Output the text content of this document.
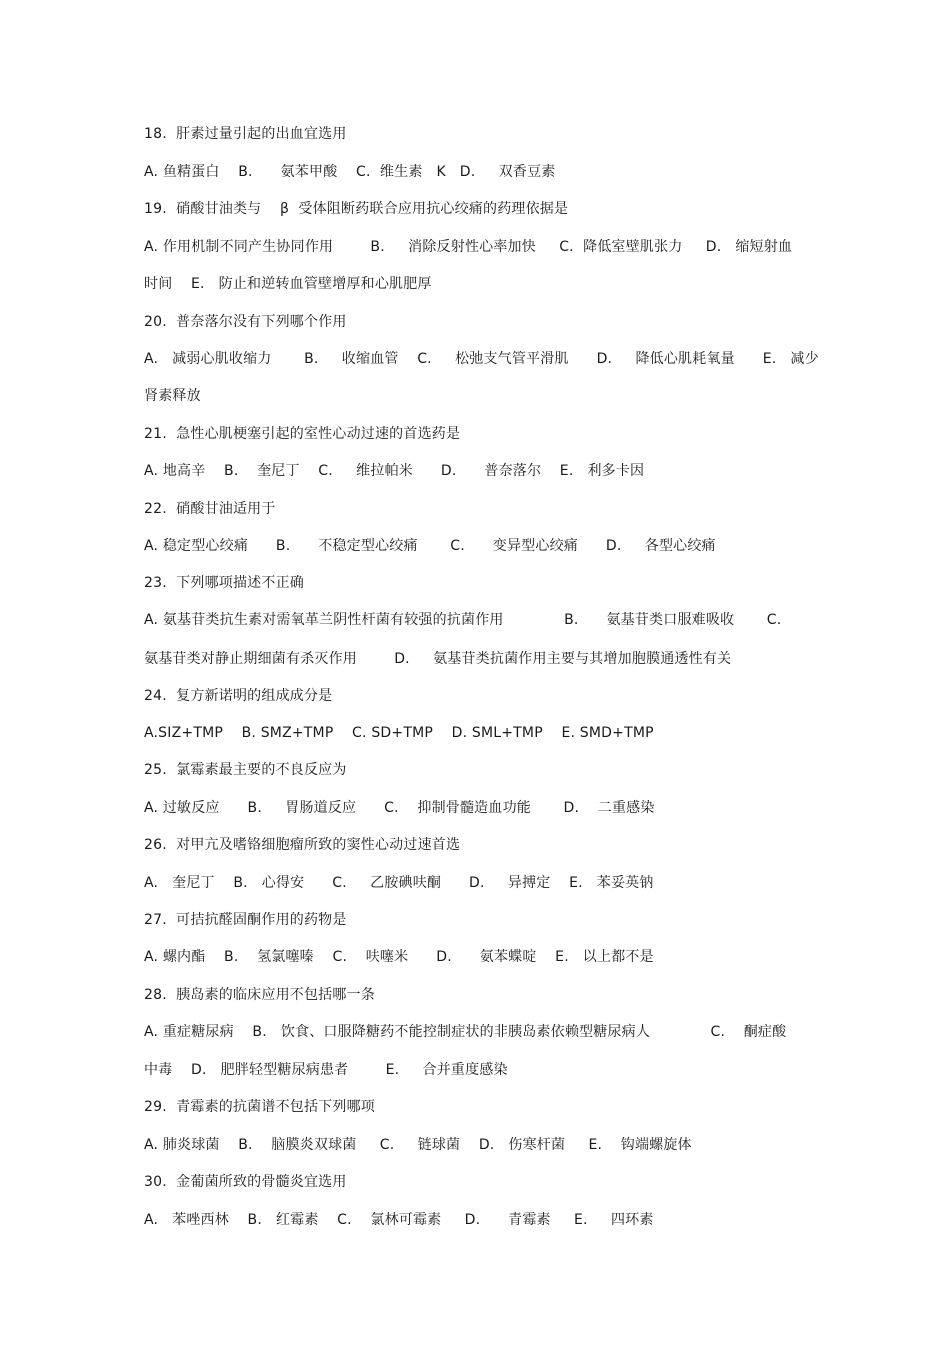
18.  肝素过量引起的出血宜选用
A. 鱼精蛋白    B.      氨苯甲酸    C.  维生素   K   D.     双香豆素
19.  硝酸甘油类与    β  受体阻断药联合应用抗心绞痛的药理依据是
A. 作用机制不同产生协同作用        B.     消除反射性心率加快     C.  降低室壁肌张力     D.   缩短射血
时间    E.   防止和逆转血管壁增厚和心肌肥厚
20.  普奈落尔没有下列哪个作用
A.   减弱心肌收缩力       B.     收缩血管    C.     松弛支气管平滑肌      D.     降低心肌耗氧量      E.   减少
肾素释放
21.  急性心肌梗塞引起的室性心动过速的首选药是
A. 地高辛    B.    奎尼丁    C.     维拉帕米      D.      普奈落尔    E.   利多卡因
22.  硝酸甘油适用于
A. 稳定型心绞痛      B.      不稳定型心绞痛       C.      变异型心绞痛      D.     各型心绞痛
23.  下列哪项描述不正确
A. 氨基苷类抗生素对需氧革兰阴性杆菌有较强的抗菌作用             B.      氨基苷类口服难吸收       C.
氨基苷类对静止期细菌有杀灭作用        D.     氨基苷类抗菌作用主要与其增加胞膜通透性有关
24.  复方新诺明的组成成分是
A.SIZ+TMP    B. SMZ+TMP    C. SD+TMP    D. SML+TMP    E. SMD+TMP
25.  氯霉素最主要的不良反应为
A. 过敏反应      B.     胃肠道反应      C.    抑制骨髓造血功能       D.    二重感染
26.  对甲亢及嗜铬细胞瘤所致的窦性心动过速首选
A.   奎尼丁    B.   心得安      C.     乙胺碘呋酮      D.     异搏定    E.   苯妥英钠
27.  可拮抗醛固酮作用的药物是
A. 螺内酯    B.    氢氯噻嗪    C.    呋噻米      D.      氨苯蝶啶    E.   以上都不是
28.  胰岛素的临床应用不包括哪一条
A. 重症糖尿病    B.   饮食、口服降糖药不能控制症状的非胰岛素依赖型糖尿病人             C.    酮症酸
中毒    D.   肥胖轻型糖尿病患者        E.     合并重度感染
29.  青霉素的抗菌谱不包括下列哪项
A. 肺炎球菌    B.    脑膜炎双球菌     C.     链球菌    D.   伤寒杆菌     E.    钩端螺旋体
30.  金葡菌所致的骨髓炎宜选用
A.   苯唑西林    B.   红霉素    C.    氯林可霉素     D.      青霉素     E.     四环素
